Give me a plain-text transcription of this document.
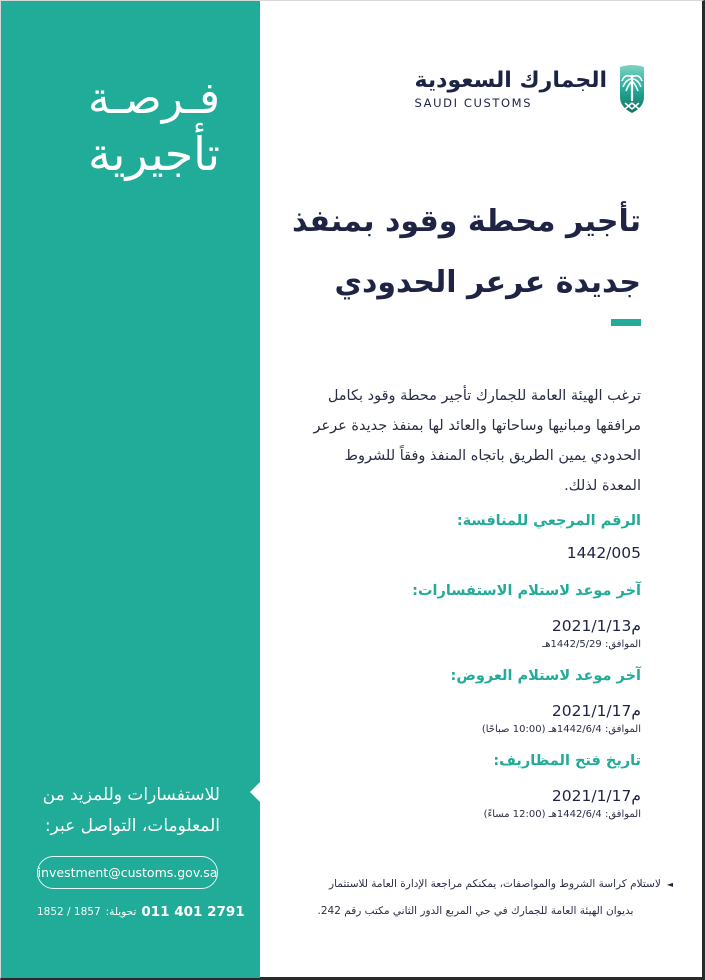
فـرصـة
تأجيرية
للاستفسارات وللمزيد من المعلومات، التواصل عبر:
investment@customs.gov.sa
1852 / 1857 تحويلة: 011 401 2791
الجمارك السعودية
SAUDI CUSTOMS
تأجير محطة وقود بمنفذ
جديدة عرعر الحدودي

ترغب الهيئة العامة للجمارك تأجير محطة وقود بكامل مرافقها ومبانيها وساحاتها والعائد لها بمنفذ جديدة عرعر الحدودي يمين الطريق باتجاه المنفذ وفقاً للشروط المعدة لذلك.

الرقم المرجعي للمنافسة:
1442/005
آخر موعد لاستلام الاستفسارات:
2021/1/13م
الموافق: 1442/5/29هـ
آخر موعد لاستلام العروض:
2021/1/17م
الموافق: 1442/6/4هـ (10:00 صباحًا)
تاريخ فتح المظاريف:
2021/1/17م
الموافق: 1442/6/4هـ (12:00 مساءً)
◄لاستلام كراسة الشروط والمواصفات، يمكنكم مراجعة الإدارة العامة للاستثمار
بديوان الهيئة العامة للجمارك في حي المربع الدور الثاني مكتب رقم 242.
